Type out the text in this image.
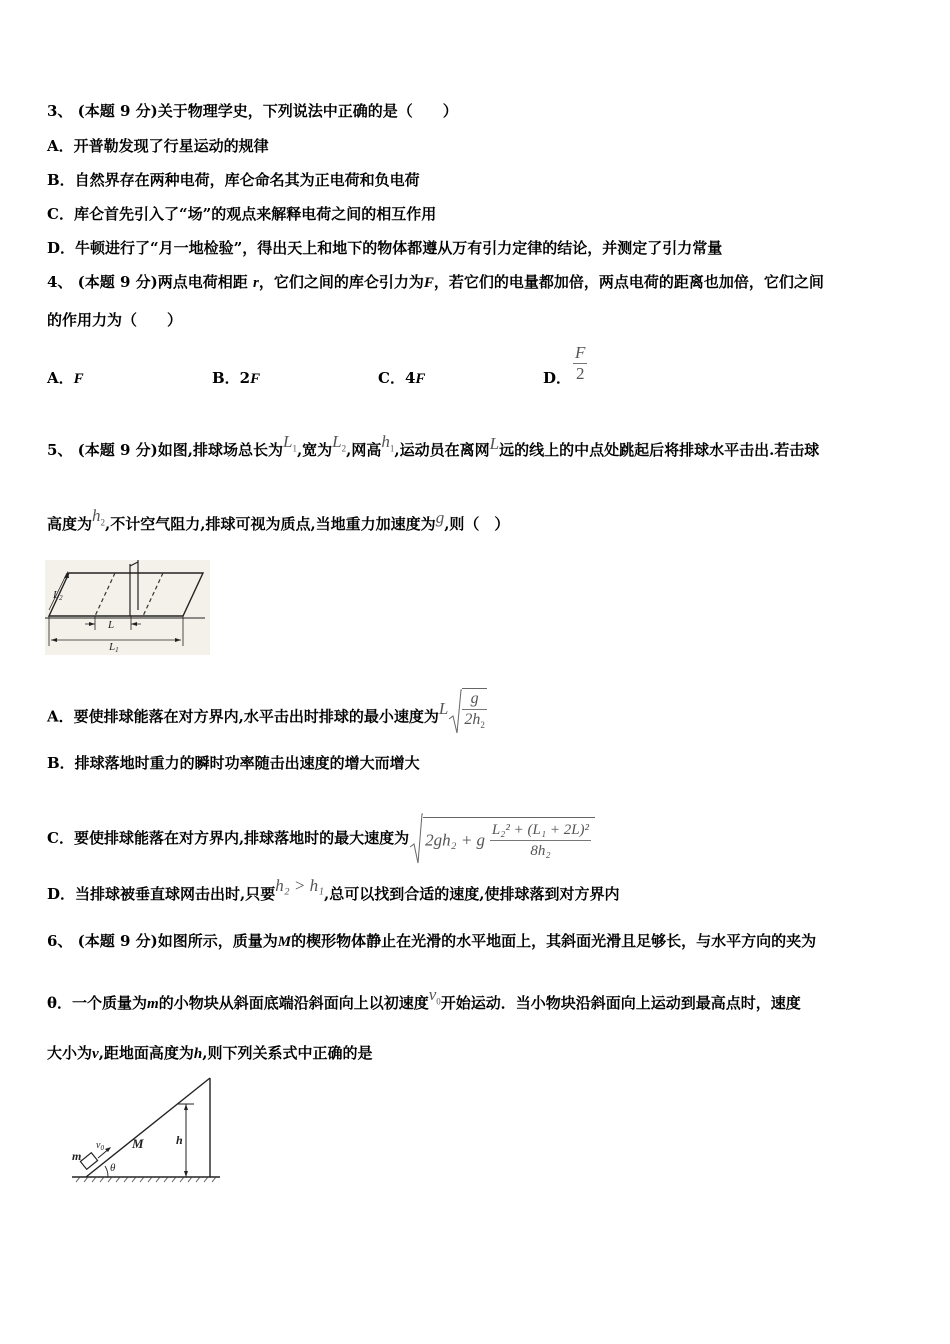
3、 (本题 9 分)关于物理学史，下列说法中正确的是（　　）
A．开普勒发现了行星运动的规律
B．自然界存在两种电荷，库仑命名其为正电荷和负电荷
C．库仑首先引入了“场”的观点来解释电荷之间的相互作用
D．牛顿进行了“月一地检验”，得出天上和地下的物体都遵从万有引力定律的结论，并测定了引力常量
4、 (本题 9 分)两点电荷相距 r，它们之间的库仑引力为F，若它们的电量都加倍，两点电荷的距离也加倍，它们之间
的作用力为（　　）
A．F	B．2F	C．4F	D． $\frac{F}{2}$
5、 (本题 9 分)如图,排球场总长为$L_1$,宽为$L_2$,网高$h_1$,运动员在离网L远的线上的中点处跳起后将排球水平击出.若击球
高度为$h_2$,不计空气阻力,排球可视为质点,当地重力加速度为g,则（　）
L2
L
L1
A．要使排球能落在对方界内,水平击出时排球的最小速度为L $\frac{g}{2h_2}$
B．排球落地时重力的瞬时功率随击出速度的增大而增大
C．要使排球能落在对方界内,排球落地时的最大速度为 2gh₂ + g $\frac{\text{L₂² + (L₁ + 2L)²}}{\text{8h₂}}$
D．当排球被垂直球网击出时,只要h₂ > h₁,总可以找到合适的速度,使排球落到对方界内
6、 (本题 9 分)如图所示，质量为M的楔形物体静止在光滑的水平地面上，其斜面光滑且足够长，与水平方向的夹为
θ．一个质量为m的小物块从斜面底端沿斜面向上以初速度$v_0$开始运动．当小物块沿斜面向上运动到最高点时，速度
大小为v,距地面高度为h,则下列关系式中正确的是
m
$v_0$ M	h
θ
